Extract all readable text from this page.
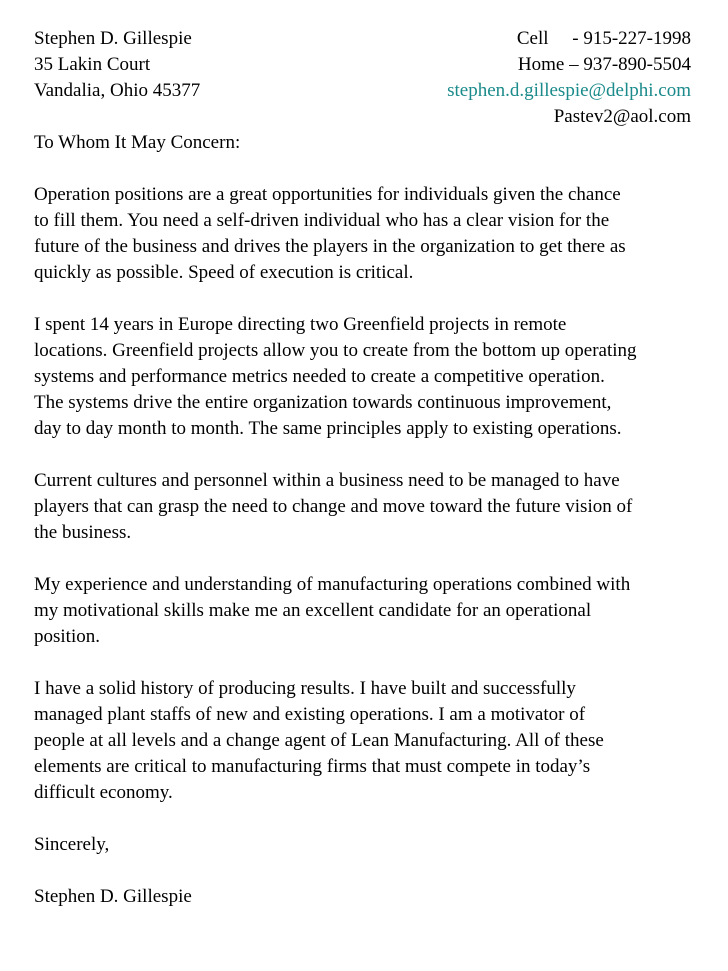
Stephen D. Gillespie
35 Lakin Court
Vandalia, Ohio 45377
Cell     - 915-227-1998
Home – 937-890-5504
stephen.d.gillespie@delphi.com
Pastev2@aol.com
To Whom It May Concern:
Operation positions are a great opportunities for individuals given the chance
to fill them. You need a self-driven individual who has a clear vision for the
future of the business and drives the players in the organization to get there as
quickly as possible. Speed of execution is critical.
I spent 14 years in Europe directing two Greenfield projects in remote
locations. Greenfield projects allow you to create from the bottom up operating
systems and performance metrics needed to create a competitive operation.
The systems drive the entire organization towards continuous improvement,
day to day month to month. The same principles apply to existing operations.
Current cultures and personnel within a business need to be managed to have
players that can grasp the need to change and move toward the future vision of
the business.
My experience and understanding of manufacturing operations combined with
my motivational skills make me an excellent candidate for an operational
position.
I have a solid history of producing results. I have built and successfully
managed plant staffs of new and existing operations. I am a motivator of
people at all levels and a change agent of Lean Manufacturing. All of these
elements are critical to manufacturing firms that must compete in today’s
difficult economy.
Sincerely,
Stephen D. Gillespie
